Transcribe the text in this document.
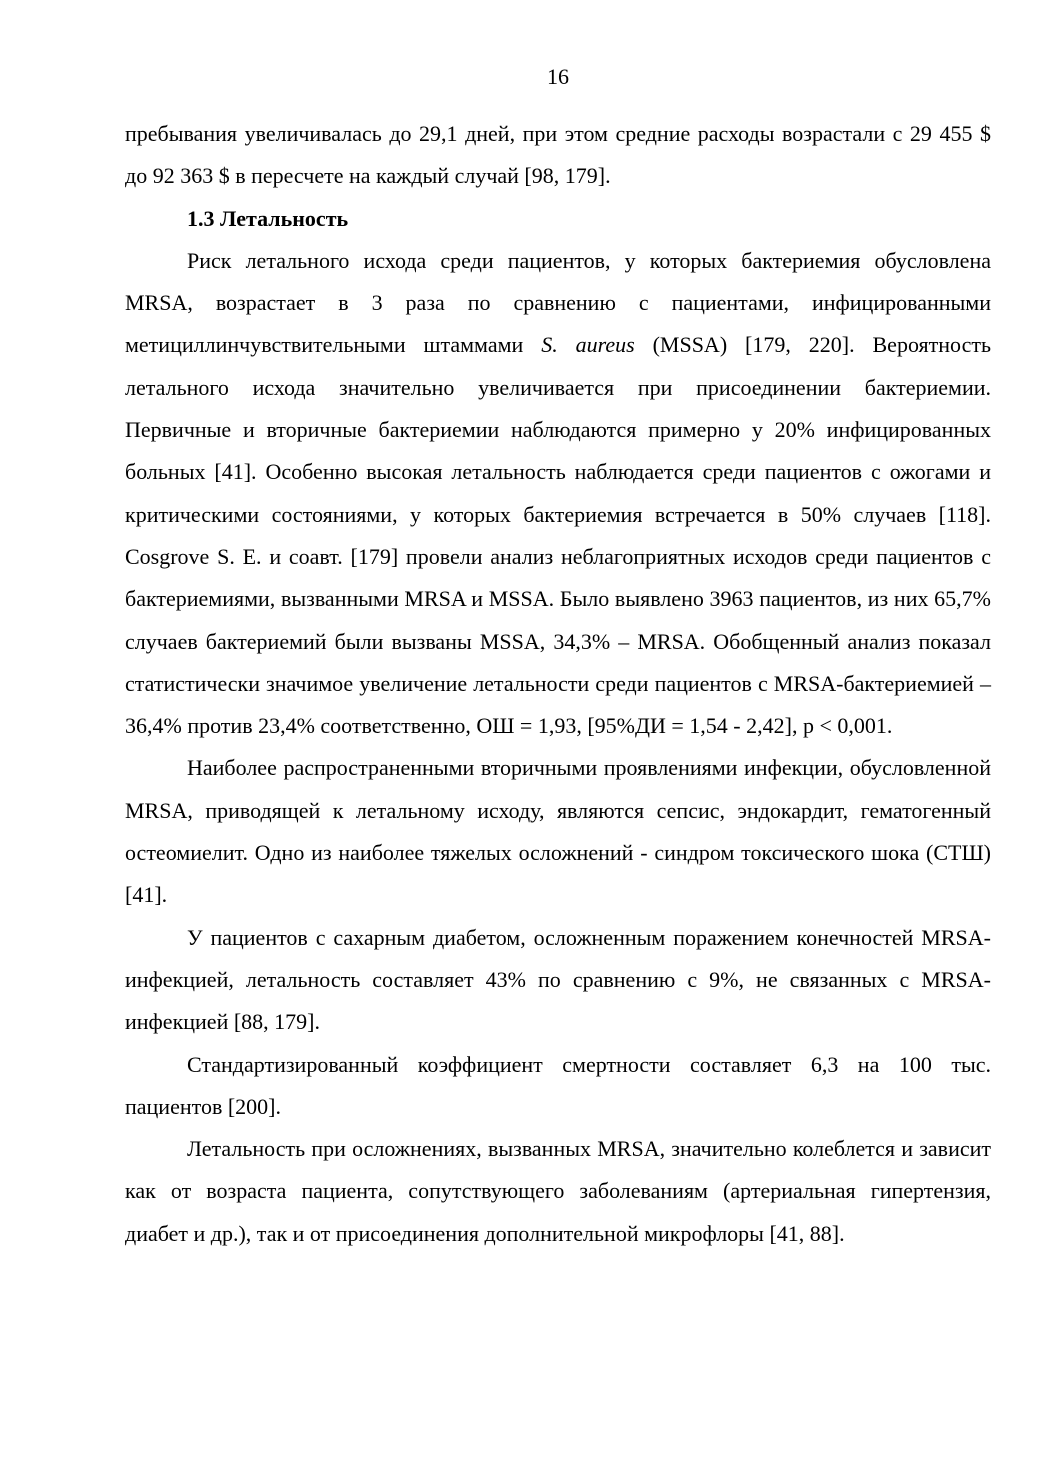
16

пребывания увеличивалась до 29,1 дней, при этом средние расходы возрастали с 29 455 $ до 92 363 $ в пересчете на каждый случай [98, 179].

1.3 Летальность

Риск летального исхода среди пациентов, у которых бактериемия обусловлена MRSA, возрастает в 3 раза по сравнению с пациентами, инфицированными метициллинчувствительными штаммами S. aureus (MSSA) [179, 220]. Вероятность летального исхода значительно увеличивается при присоединении бактериемии. Первичные и вторичные бактериемии наблюдаются примерно у 20% инфицированных больных [41]. Особенно высокая летальность наблюдается среди пациентов с ожогами и критическими состояниями, у которых бактериемия встречается в 50% случаев [118]. Cosgrove S. E. и соавт. [179] провели анализ неблагоприятных исходов среди пациентов с бактериемиями, вызванными MRSA и MSSA. Было выявлено 3963 пациентов, из них 65,7% случаев бактериемий были вызваны MSSA, 34,3% – MRSA. Обобщенный анализ показал статистически значимое увеличение летальности среди пациентов с MRSA-бактериемией – 36,4% против 23,4% соответственно, ОШ = 1,93, [95%ДИ = 1,54 - 2,42], р < 0,001.

Наиболее распространенными вторичными проявлениями инфекции, обусловленной MRSA, приводящей к летальному исходу, являются сепсис, эндокардит, гематогенный остеомиелит. Одно из наиболее тяжелых осложнений - синдром токсического шока (СТШ) [41].

У пациентов с сахарным диабетом, осложненным поражением конечностей MRSA-инфекцией, летальность составляет 43% по сравнению с 9%, не связанных с MRSA- инфекцией [88, 179].

Стандартизированный коэффициент смертности составляет 6,3 на 100 тыс. пациентов [200].

Летальность при осложнениях, вызванных MRSA, значительно колеблется и зависит как от возраста пациента, сопутствующего заболеваниям (артериальная гипертензия, диабет и др.), так и от присоединения дополнительной микрофлоры [41, 88].
